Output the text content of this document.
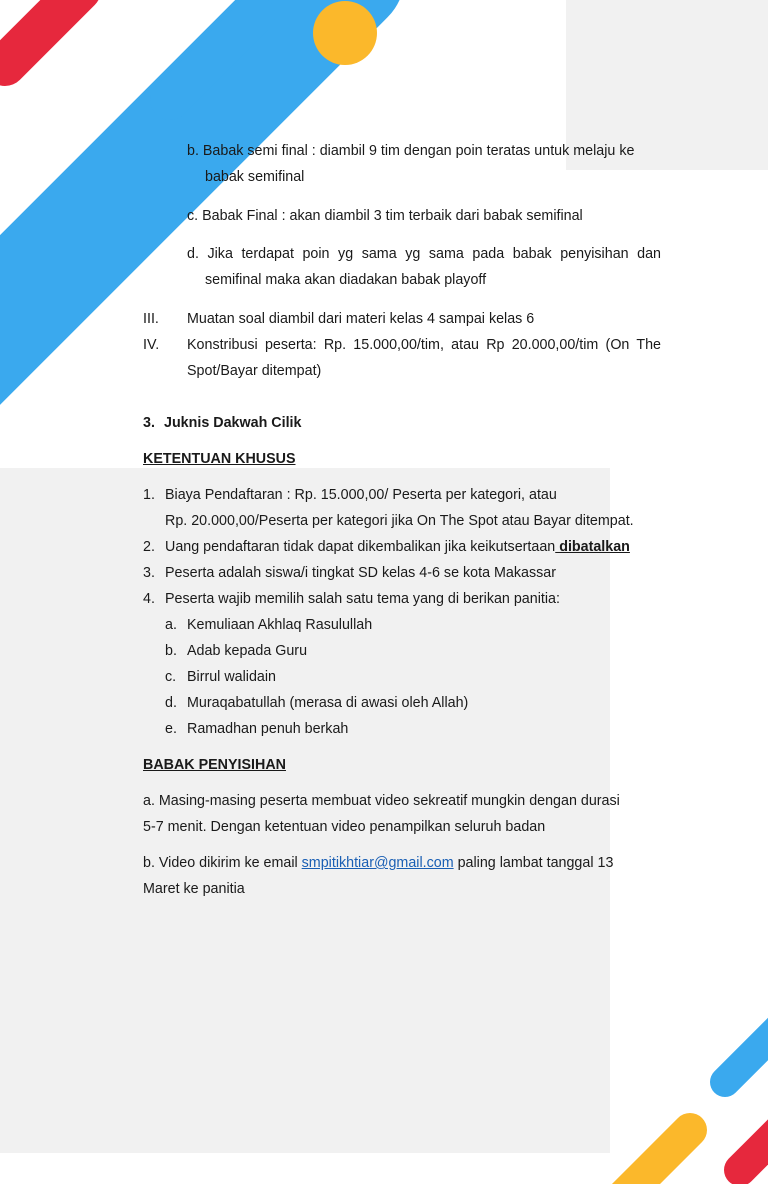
b. Babak semi final : diambil 9 tim dengan poin teratas untuk melaju ke
babak semifinal
c. Babak Final : akan diambil 3 tim terbaik dari babak semifinal
d. Jika terdapat poin yg sama yg sama pada babak penyisihan dan
semifinal maka akan diadakan babak playoff
III. Muatan soal diambil dari materi kelas 4 sampai kelas 6
IV. Konstribusi peserta: Rp. 15.000,00/tim, atau Rp 20.000,00/tim (On The
Spot/Bayar ditempat)
3. Juknis Dakwah Cilik
KETENTUAN KHUSUS
1. Biaya Pendaftaran : Rp. 15.000,00/ Peserta per kategori, atau
Rp. 20.000,00/Peserta per kategori jika On The Spot atau Bayar ditempat.
2. Uang pendaftaran tidak dapat dikembalikan jika keikutsertaan dibatalkan
3. Peserta adalah siswa/i tingkat SD kelas 4-6 se kota Makassar
4. Peserta wajib memilih salah satu tema yang di berikan panitia:
a. Kemuliaan Akhlaq Rasulullah
b. Adab kepada Guru
c. Birrul walidain
d. Muraqabatullah (merasa di awasi oleh Allah)
e. Ramadhan penuh berkah
BABAK PENYISIHAN
a. Masing-masing peserta membuat video sekreatif mungkin dengan durasi
5-7 menit. Dengan ketentuan video penampilkan seluruh badan
b. Video dikirim ke email smpitikhtiar@gmail.com paling lambat tanggal 13
Maret ke panitia
